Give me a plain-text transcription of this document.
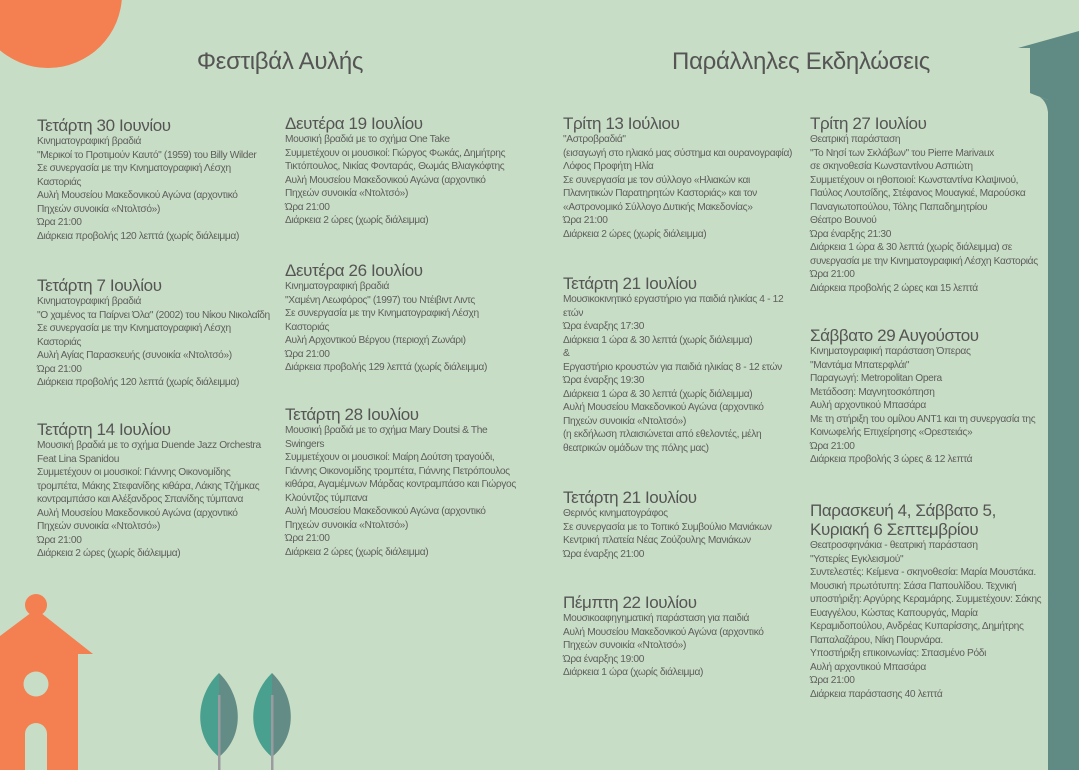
Φεστιβάλ Αυλής	Παράλληλες Εκδηλώσεις
Τετάρτη 30 Ιουνίου
Κινηματογραφική βραδιά
"Μερικοί το Προτιμούν Καυτό" (1959) του Billy Wilder
Σε συνεργασία με την Κινηματογραφική Λέσχη
Καστοριάς
Αυλή Μουσείου Μακεδονικού Αγώνα (αρχοντικό
Πηχεών συνοικία «Ντολτσό»)
Ώρα 21:00
Διάρκεια προβολής 120 λεπτά (χωρίς διάλειμμα)
Τετάρτη 7 Ιουλίου
Κινηματογραφική βραδιά
"Ο χαμένος τα Παίρνει Όλα" (2002) του Νίκου Νικολαΐδη
Σε συνεργασία με την Κινηματογραφική Λέσχη
Καστοριάς
Αυλή Αγίας Παρασκευής (συνοικία «Ντολτσό»)
Ώρα 21:00
Διάρκεια προβολής 120 λεπτά (χωρίς διάλειμμα)
Τετάρτη 14 Ιουλίου
Μουσική βραδιά με το σχήμα Duende Jazz Orchestra
Feat Lina Spanidou
Συμμετέχουν οι μουσικοί: Γιάννης Οικονομίδης
τρομπέτα, Μάκης Στεφανίδης κιθάρα, Λάκης Τζήμκας
κοντραμπάσο και Αλέξανδρος Σπανίδης τύμπανα
Αυλή Μουσείου Μακεδονικού Αγώνα (αρχοντικό
Πηχεών συνοικία «Ντολτσό»)
Ώρα 21:00
Διάρκεια 2 ώρες (χωρίς διάλειμμα)
Δευτέρα 19 Ιουλίου
Μουσική βραδιά με το σχήμα One Take
Συμμετέχουν οι μουσικοί: Γιώργος Φωκάς, Δημήτρης
Τικτόπουλος, Νικίας Φονταράς, Θωμάς Βλιαγκόφτης
Αυλή Μουσείου Μακεδονικού Αγώνα (αρχοντικό
Πηχεών συνοικία «Ντολτσό»)
Ώρα 21:00
Διάρκεια 2 ώρες (χωρίς διάλειμμα)
Δευτέρα 26 Ιουλίου
Κινηματογραφική βραδιά
"Χαμένη Λεωφόρος" (1997) του Ντέιβιντ Λιντς
Σε συνεργασία με την Κινηματογραφική Λέσχη
Καστοριάς
Αυλή Αρχοντικού Βέργου (περιοχή Ζωνάρι)
Ώρα 21:00
Διάρκεια προβολής 129 λεπτά (χωρίς διάλειμμα)
Τετάρτη 28 Ιουλίου
Μουσική βραδιά με το σχήμα Mary Doutsi & The
Swingers
Συμμετέχουν οι μουσικοί: Μαίρη Δούτση τραγούδι,
Γιάννης Οικονομίδης τρομπέτα, Γιάννης Πετρόπουλος
κιθάρα, Αγαμέμνων Μάρδας κοντραμπάσο και Γιώργος
Κλούντζος τύμπανα
Αυλή Μουσείου Μακεδονικού Αγώνα (αρχοντικό
Πηχεών συνοικία «Ντολτσό»)
Ώρα 21:00
Διάρκεια 2 ώρες (χωρίς διάλειμμα)
Τρίτη 13 Ιούλιου
"Αστροβραδιά"
(εισαγωγή στο ηλιακό μας σύστημα και ουρανογραφία)
Λόφος Προφήτη Ηλία
Σε συνεργασία με τον σύλλογο «Ηλιακών και
Πλανητικών Παρατηρητών Καστοριάς» και τον
«Αστρονομικό Σύλλογο Δυτικής Μακεδονίας»
Ώρα 21:00
Διάρκεια 2 ώρες (χωρίς διάλειμμα)
Τετάρτη 21 Ιουλίου
Μουσικοκινητικό εργαστήριο για παιδιά ηλικίας 4 - 12
ετών
Ώρα έναρξης 17:30
Διάρκεια 1 ώρα & 30 λεπτά (χωρίς διάλειμμα)
&
Εργαστήριο κρουστών για παιδιά ηλικίας 8 - 12 ετών
Ώρα έναρξης 19:30
Διάρκεια 1 ώρα & 30 λεπτά (χωρίς διάλειμμα)
Αυλή Μουσείου Μακεδονικού Αγώνα (αρχοντικό
Πηχεών συνοικία «Ντολτσό»)
(η εκδήλωση πλαισιώνεται από εθελοντές, μέλη
θεατρικών ομάδων της πόλης μας)
Τετάρτη 21 Ιουλίου
Θερινός κινηματογράφος
Σε συνεργασία με το Τοπικό Συμβούλιο Μανιάκων
Κεντρική πλατεία Νέας Ζούζουλης Μανιάκων
Ώρα έναρξης 21:00
Πέμπτη 22 Ιουλίου
Μουσικοαφηγηματική παράσταση για παιδιά
Αυλή Μουσείου Μακεδονικού Αγώνα (αρχοντικό
Πηχεών συνοικία «Ντολτσό»)
Ώρα έναρξης 19:00
Διάρκεια 1 ώρα (χωρίς διάλειμμα)
Τρίτη 27 Ιουλίου
Θεατρική παράσταση
"Το Νησί των Σκλάβων" του Pierre Marivaux
σε σκηνοθεσία Κωνσταντίνου Ασπιώτη
Συμμετέχουν οι ηθοποιοί: Κωνσταντίνα Κλαψινού,
Παύλος Λουτσίδης, Στέφανος Μουαγκιέ, Μαρούσκα
Παναγιωτοπούλου, Τόλης Παπαδημητρίου
Θέατρο Βουνού
Ώρα έναρξης 21:30
Διάρκεια 1 ώρα & 30 λεπτά (χωρίς διάλειμμα) σε
συνεργασία με την Κινηματογραφική Λέσχη Καστοριάς
Ώρα 21:00
Διάρκεια προβολής 2 ώρες και 15 λεπτά
Σάββατο 29 Αυγούστου
Κινηματογραφική παράσταση Όπερας
"Μαντάμα Μπατερφλάι"
Παραγωγή: Metropolitan Opera
Μετάδοση: Μαγνητοσκόπηση
Αυλή αρχοντικού Μπασάρα
Με τη στήριξη του ομίλου ΑΝΤ1 και τη συνεργασία της
Κοινωφελής Επιχείρησης «Ορεστειάς»
Ώρα 21:00
Διάρκεια προβολής 3 ώρες & 12 λεπτά
Παρασκευή 4, Σάββατο 5,
Κυριακή 6 Σεπτεμβρίου
Θεατροσφηνάκια - θεατρική παράσταση
"Υστερίες Εγκλεισμού"
Συντελεστές: Κείμενα - σκηνοθεσία: Μαρία Μουστάκα.
Μουσική πρωτότυπη: Σάσα Παπουλίδου. Τεχνική
υποστήριξη: Αργύρης Κεραμάρης. Συμμετέχουν: Σάκης
Ευαγγέλου, Κώστας Καπουργάς, Μαρία
Κεραμιδοπούλου, Ανδρέας Κυπαρίσσης, Δημήτρης
Παπαλαζάρου, Νίκη Πουρνάρα.
Υποστήριξη επικοινωνίας: Σπασμένο Ρόδι
Αυλή αρχοντικού Μπασάρα
Ώρα 21:00
Διάρκεια παράστασης 40 λεπτά
